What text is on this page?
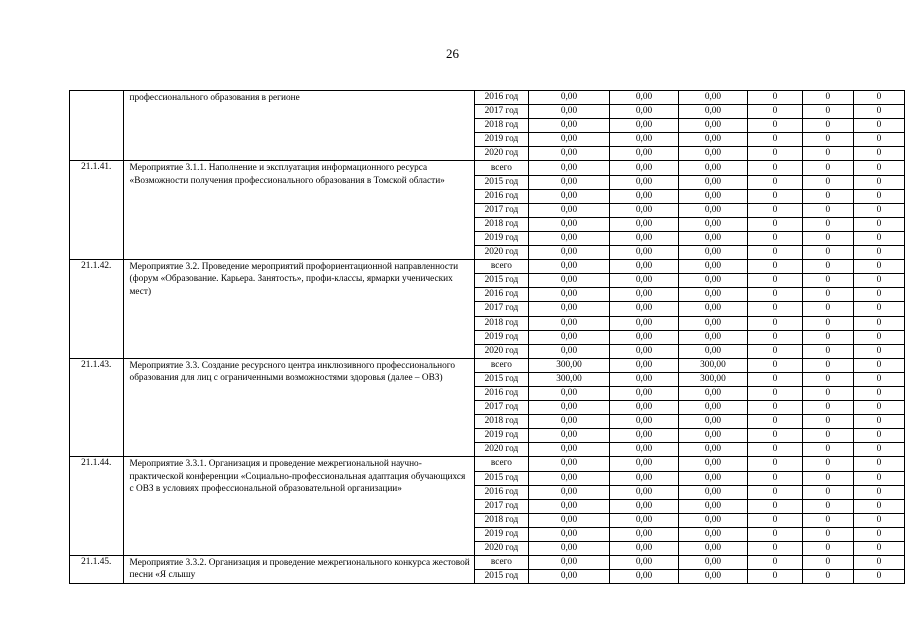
26
	профессионального образования в регионе	2016 год	0,00	0,00	0,00	0	0	0
		2017 год	0,00	0,00	0,00	0	0	0
		2018 год	0,00	0,00	0,00	0	0	0
		2019 год	0,00	0,00	0,00	0	0	0
		2020 год	0,00	0,00	0,00	0	0	0
21.1.41.	Мероприятие 3.1.1. Наполнение и эксплуатация информационного ресурса «Возможности получения профессионального образования в Томской области»	всего	0,00	0,00	0,00	0	0	0
		2015 год	0,00	0,00	0,00	0	0	0
		2016 год	0,00	0,00	0,00	0	0	0
		2017 год	0,00	0,00	0,00	0	0	0
		2018 год	0,00	0,00	0,00	0	0	0
		2019 год	0,00	0,00	0,00	0	0	0
		2020 год	0,00	0,00	0,00	0	0	0
21.1.42.	Мероприятие 3.2. Проведение мероприятий профориентационной направленности (форум «Образование. Карьера. Занятость», профи-классы, ярмарки ученических мест)	всего	0,00	0,00	0,00	0	0	0
		2015 год	0,00	0,00	0,00	0	0	0
		2016 год	0,00	0,00	0,00	0	0	0
		2017 год	0,00	0,00	0,00	0	0	0
		2018 год	0,00	0,00	0,00	0	0	0
		2019 год	0,00	0,00	0,00	0	0	0
		2020 год	0,00	0,00	0,00	0	0	0
21.1.43.	Мероприятие 3.3. Создание ресурсного центра инклюзивного профессионального образования для лиц с ограниченными возможностями здоровья (далее – ОВЗ)	всего	300,00	0,00	300,00	0	0	0
		2015 год	300,00	0,00	300,00	0	0	0
		2016 год	0,00	0,00	0,00	0	0	0
		2017 год	0,00	0,00	0,00	0	0	0
		2018 год	0,00	0,00	0,00	0	0	0
		2019 год	0,00	0,00	0,00	0	0	0
		2020 год	0,00	0,00	0,00	0	0	0
21.1.44.	Мероприятие 3.3.1. Организация и проведение межрегиональной научно-практической конференции «Социально-профессиональная адаптация обучающихся с ОВЗ в условиях профессиональной образовательной организации»	всего	0,00	0,00	0,00	0	0	0
		2015 год	0,00	0,00	0,00	0	0	0
		2016 год	0,00	0,00	0,00	0	0	0
		2017 год	0,00	0,00	0,00	0	0	0
		2018 год	0,00	0,00	0,00	0	0	0
		2019 год	0,00	0,00	0,00	0	0	0
		2020 год	0,00	0,00	0,00	0	0	0
21.1.45.	Мероприятие 3.3.2. Организация и проведение межрегионального конкурса жестовой песни «Я слышу	всего	0,00	0,00	0,00	0	0	0
		2015 год	0,00	0,00	0,00	0	0	0
